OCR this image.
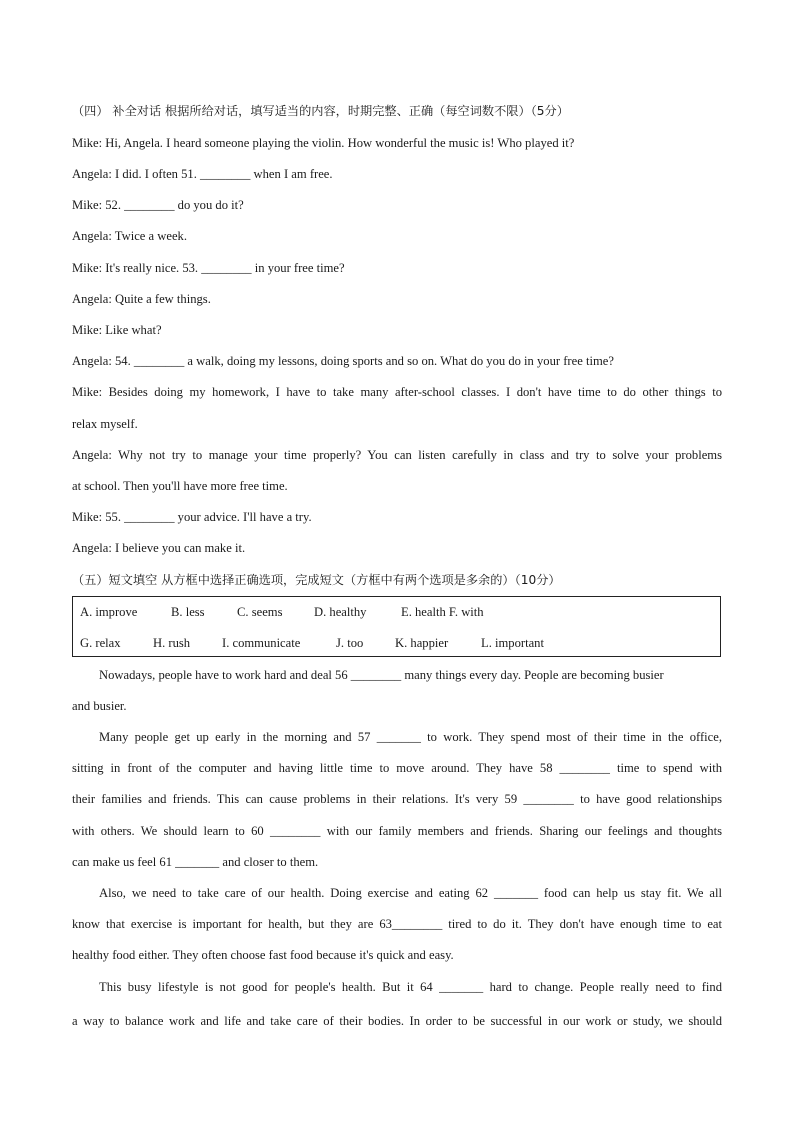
（四） 补全对话 根据所给对话，填写适当的内容，时期完整、正确（每空词数不限）（5分）
Mike: Hi, Angela. I heard someone playing the violin. How wonderful the music is! Who played it?
Angela: I did. I often 51. ________ when I am free.
Mike: 52. ________ do you do it?
Angela: Twice a week.
Mike: It's really nice. 53. ________ in your free time?
Angela: Quite a few things.
Mike: Like what?
Angela: 54. ________ a walk, doing my lessons, doing sports and so on. What do you do in your free time?
Mike: Besides doing my homework, I have to take many after-school classes. I don't have time to do other things to
relax myself.
Angela: Why not try to manage your time properly? You can listen carefully in class and try to solve your problems
at school. Then you'll have more free time.
Mike: 55. ________ your advice. I'll have a try.
Angela: I believe you can make it.
（五）短文填空 从方框中选择正确选项，完成短文（方框中有两个选项是多余的）（10分）
A. improve	B. less	C. seems	D. healthy	E. health F. with
G. relax	H. rush	I. communicate	J. too	K. happier	L. important
Nowadays, people have to work hard and deal 56 ________ many things every day. People are becoming busier
and busier.
Many people get up early in the morning and 57 _______ to work. They spend most of their time in the office,
sitting in front of the computer and having little time to move around. They have 58 ________ time to spend with
their families and friends. This can cause problems in their relations. It's very 59 ________ to have good relationships
with others. We should learn to 60 ________ with our family members and friends. Sharing our feelings and thoughts
can make us feel 61 _______ and closer to them.
Also, we need to take care of our health. Doing exercise and eating 62 _______ food can help us stay fit. We all
know that exercise is important for health, but they are 63________ tired to do it. They don't have enough time to eat
healthy food either. They often choose fast food because it's quick and easy.
This busy lifestyle is not good for people's health. But it 64 _______ hard to change. People really need to find
a way to balance work and life and take care of their bodies. In order to be successful in our work or study, we should
